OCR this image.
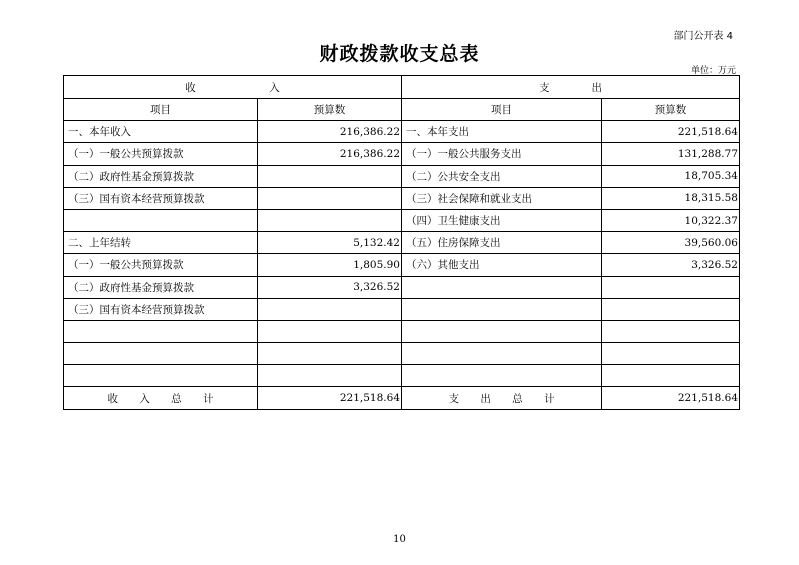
部门公开表 4
财政拨款收支总表
单位：万元
收　　　　　　　入		支　　　　出	
项目	预算数	项目	预算数
一、本年收入	216,386.22	一、本年支出	221,518.64
（一）一般公共预算拨款	216,386.22	（一）一般公共服务支出	131,288.77
（二）政府性基金预算拨款		（二）公共安全支出	18,705.34
（三）国有资本经营预算拨款		（三）社会保障和就业支出	18,315.58
		（四）卫生健康支出	10,322.37
二、上年结转	5,132.42	（五）住房保障支出	39,560.06
（一）一般公共预算拨款	1,805.90	（六）其他支出	3,326.52
（二）政府性基金预算拨款	3,326.52		
（三）国有资本经营预算拨款			

收 入 总 计	221,518.64	支 出 总 计	221,518.64
10
